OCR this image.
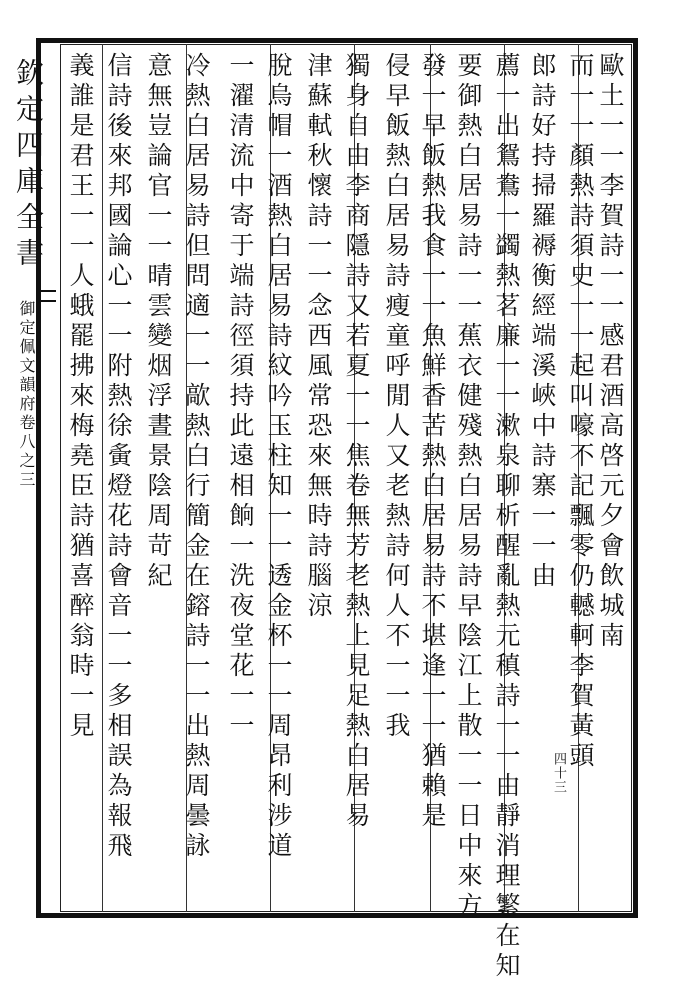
欽定四庫全書
御定佩文韻府卷八之三	歐土一一李賀詩一一感君酒高啓元夕會飲城南
而一一顏熱詩須史一一起叫嚎不記飄零仍轗軻李賀黃頭
郎詩好持掃羅褥衡經端溪峽中詩寨一一由
薦一出鴛鴦一蠲熱茗廉一一漱泉聊析醒亂熱元稹詩一一由靜消理繁在知
要御熱白居易詩一一蕉衣健殘熱白居易詩早陰江上散一一日中來方
發一早飯熱我食一一魚鮮香苦熱白居易詩不堪逢一一猶賴是
侵早飯熱白居易詩瘦童呼閒人又老熱詩何人不一一我
獨身自由李商隱詩又若夏一一焦卷無芳老熱上見足熱白居易
津蘇軾秋懷詩一一念西風常恐來無時詩腦涼
脫烏帽一酒熱白居易詩紋吟玉柱知一一透金杯一一周昂利涉道
一濯清流中寄于端詩徑須持此遠相餉一洗夜堂花一一
冷熱白居易詩但問適一一歊熱白行簡金在鎔詩一一出熱周曇詠
意無豈論官一一晴雲變烟浮晝景陰周苛紀
信詩後來邦國論心一一附熱徐夤燈花詩會音一一多相誤為報飛
義誰是君王一一人蛾罷拂來梅堯臣詩猶喜醉翁時一見
四十三
